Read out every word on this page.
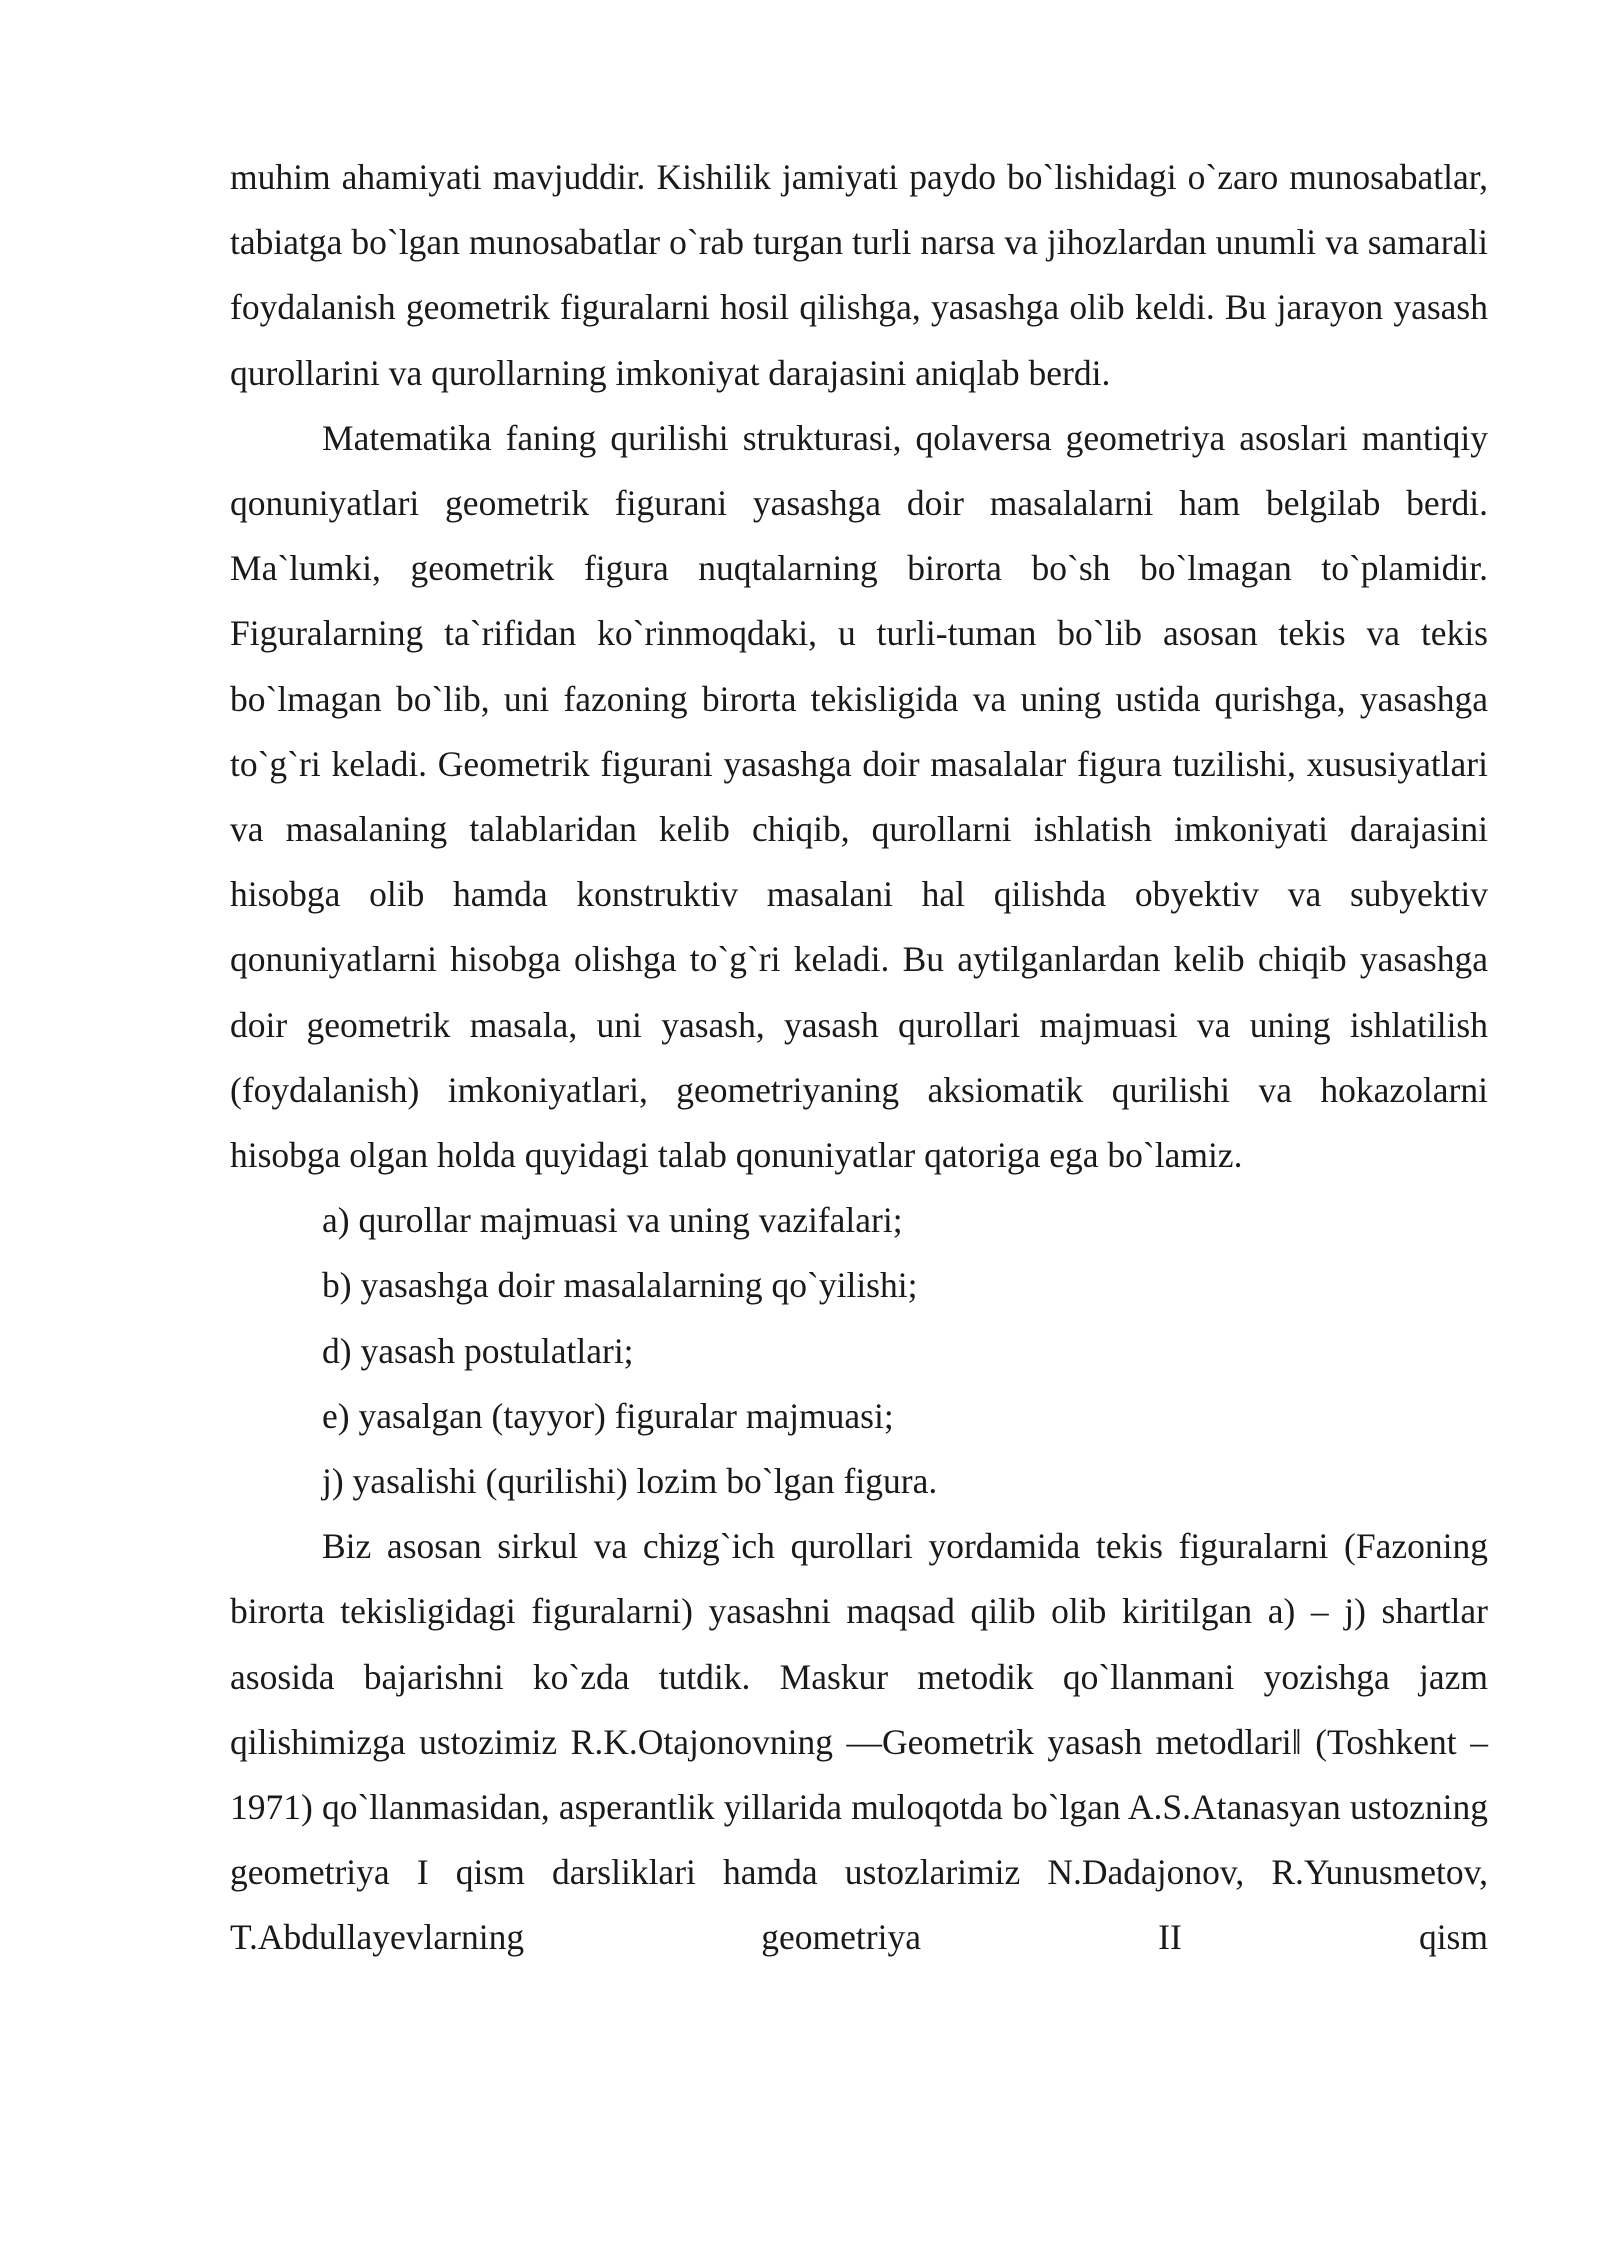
muhim ahamiyati mavjuddir. Kishilik jamiyati paydo bo`lishidagi o`zaro munosabatlar, tabiatga bo`lgan munosabatlar o`rab turgan turli narsa va jihozlardan unumli va samarali foydalanish geometrik figuralarni hosil qilishga, yasashga olib keldi. Bu jarayon yasash qurollarini va qurollarning imkoniyat darajasini aniqlab berdi.

Matematika faning qurilishi strukturasi, qolaversa geometriya asoslari mantiqiy qonuniyatlari geometrik figurani yasashga doir masalalarni ham belgilab berdi. Ma`lumki, geometrik figura nuqtalarning birorta bo`sh bo`lmagan to`plamidir. Figuralarning ta`rifidan ko`rinmoqdaki, u turli-tuman bo`lib asosan tekis va tekis bo`lmagan bo`lib, uni fazoning birorta tekisligida va uning ustida qurishga, yasashga to`g`ri keladi. Geometrik figurani yasashga doir masalalar figura tuzilishi, xususiyatlari va masalaning talablaridan kelib chiqib, qurollarni ishlatish imkoniyati darajasini hisobga olib hamda konstruktiv masalani hal qilishda obyektiv va subyektiv qonuniyatlarni hisobga olishga to`g`ri keladi. Bu aytilganlardan kelib chiqib yasashga doir geometrik masala, uni yasash, yasash qurollari majmuasi va uning ishlatilish (foydalanish) imkoniyatlari, geometriyaning aksiomatik qurilishi va hokazolarni hisobga olgan holda quyidagi talab qonuniyatlar qatoriga ega bo`lamiz.

a) qurollar majmuasi va uning vazifalari;

b) yasashga doir masalalarning qo`yilishi;

d) yasash postulatlari;

e) yasalgan (tayyor) figuralar majmuasi;

j) yasalishi (qurilishi) lozim bo`lgan figura.

Biz asosan sirkul va chizg`ich qurollari yordamida tekis figuralarni (Fazoning birorta tekisligidagi figuralarni) yasashni maqsad qilib olib kiritilgan a) – j) shartlar asosida bajarishni ko`zda tutdik. Maskur metodik qo`llanmani yozishga jazm qilishimizga ustozimiz R.K.Otajonovning ―Geometrik yasash metodlari‖ (Toshkent – 1971) qo`llanmasidan, asperantlik yillarida muloqotda bo`lgan A.S.Atanasyan ustozning geometriya I qism darsliklari hamda ustozlarimiz N.Dadajonov, R.Yunusmetov, T.Abdullayevlarning geometriya II qism
